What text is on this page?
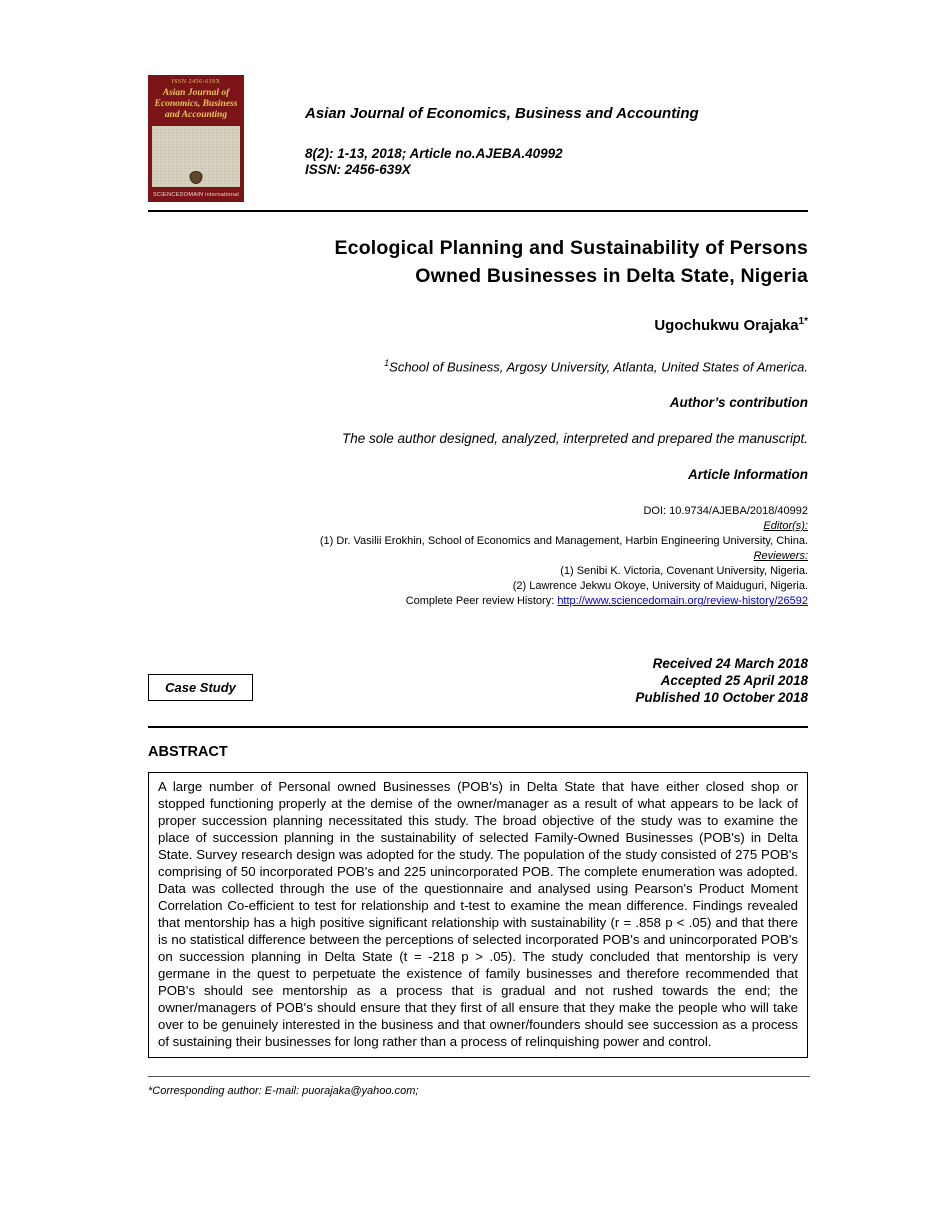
ISSN 2456-639X
Asian Journal of Economics, Business and Accounting
SCIENCEDOMAIN international
Asian Journal of Economics, Business and Accounting
8(2): 1-13, 2018; Article no.AJEBA.40992
ISSN: 2456-639X
Ecological Planning and Sustainability of Persons
Owned Businesses in Delta State, Nigeria
Ugochukwu Orajaka$^{1*}$
$^1$School of Business, Argosy University, Atlanta, United States of America.
Author’s contribution
The sole author designed, analyzed, interpreted and prepared the manuscript.
Article Information
DOI: 10.9734/AJEBA/2018/40992
Editor(s):
(1) Dr. Vasilii Erokhin, School of Economics and Management, Harbin Engineering University, China.
Reviewers:
(1) Senibi K. Victoria, Covenant University, Nigeria.
(2) Lawrence Jekwu Okoye, University of Maiduguri, Nigeria.
Complete Peer review History: http://www.sciencedomain.org/review-history/26592
Case Study
Received 24 March 2018
Accepted 25 April 2018
Published 10 October 2018
ABSTRACT
A large number of Personal owned Businesses (POB's) in Delta State that have either closed shop or stopped functioning properly at the demise of the owner/manager as a result of what appears to be lack of proper succession planning necessitated this study. The broad objective of the study was to examine the place of succession planning in the sustainability of selected Family-Owned Businesses (POB's) in Delta State. Survey research design was adopted for the study. The population of the study consisted of 275 POB's comprising of 50 incorporated POB's and 225 unincorporated POB. The complete enumeration was adopted. Data was collected through the use of the questionnaire and analysed using Pearson's Product Moment Correlation Co-efficient to test for relationship and t-test to examine the mean difference. Findings revealed that mentorship has a high positive significant relationship with sustainability (r = .858 p < .05) and that there is no statistical difference between the perceptions of selected incorporated POB's and unincorporated POB's on succession planning in Delta State (t = -218 p > .05). The study concluded that mentorship is very germane in the quest to perpetuate the existence of family businesses and therefore recommended that POB's should see mentorship as a process that is gradual and not rushed towards the end; the owner/managers of POB's should ensure that they first of all ensure that they make the people who will take over to be genuinely interested in the business and that owner/founders should see succession as a process of sustaining their businesses for long rather than a process of relinquishing power and control.
*Corresponding author: E-mail: puorajaka@yahoo.com;
